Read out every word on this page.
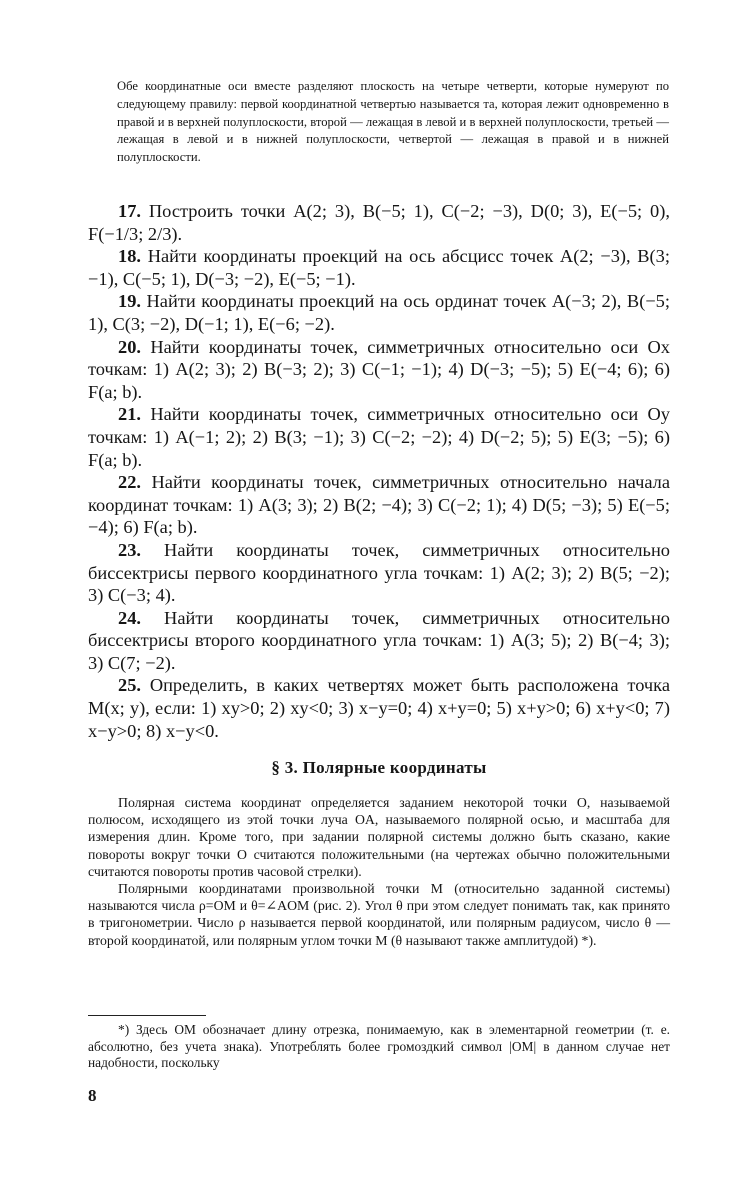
Обе координатные оси вместе разделяют плоскость на четыре четверти, которые нумеруют по следующему правилу: первой координатной четвертью называется та, которая лежит одновременно в правой и в верхней полуплоскости, второй — лежащая в левой и в верхней полуплоскости, третьей — лежащая в левой и в нижней полуплоскости, четвертой — лежащая в правой и в нижней полуплоскости.

17. Построить точки A(2; 3), B(−5; 1), C(−2; −3), D(0; 3), E(−5; 0), F(−1/3; 2/3).

18. Найти координаты проекций на ось абсцисс точек A(2; −3), B(3; −1), C(−5; 1), D(−3; −2), E(−5; −1).

19. Найти координаты проекций на ось ординат точек A(−3; 2), B(−5; 1), C(3; −2), D(−1; 1), E(−6; −2).

20. Найти координаты точек, симметричных относительно оси Ox точкам: 1) A(2; 3); 2) B(−3; 2); 3) C(−1; −1); 4) D(−3; −5); 5) E(−4; 6); 6) F(a; b).

21. Найти координаты точек, симметричных относительно оси Oy точкам: 1) A(−1; 2); 2) B(3; −1); 3) C(−2; −2); 4) D(−2; 5); 5) E(3; −5); 6) F(a; b).

22. Найти координаты точек, симметричных относительно начала координат точкам: 1) A(3; 3); 2) B(2; −4); 3) C(−2; 1); 4) D(5; −3); 5) E(−5; −4); 6) F(a; b).

23. Найти координаты точек, симметричных относительно биссектрисы первого координатного угла точкам: 1) A(2; 3); 2) B(5; −2); 3) C(−3; 4).

24. Найти координаты точек, симметричных относительно биссектрисы второго координатного угла точкам: 1) A(3; 5); 2) B(−4; 3); 3) C(7; −2).

25. Определить, в каких четвертях может быть расположена точка M(x; y), если: 1) xy>0; 2) xy<0; 3) x−y=0; 4) x+y=0; 5) x+y>0; 6) x+y<0; 7) x−y>0; 8) x−y<0.

§ 3. Полярные координаты

Полярная система координат определяется заданием некоторой точки O, называемой полюсом, исходящего из этой точки луча OA, называемого полярной осью, и масштаба для измерения длин. Кроме того, при задании полярной системы должно быть сказано, какие повороты вокруг точки O считаются положительными (на чертежах обычно положительными считаются повороты против часовой стрелки).

Полярными координатами произвольной точки M (относительно заданной системы) называются числа ρ=OM и θ=∠AOM (рис. 2). Угол θ при этом следует понимать так, как принято в тригонометрии. Число ρ называется первой координатой, или полярным радиусом, число θ — второй координатой, или полярным углом точки M (θ называют также амплитудой) *).

*) Здесь OM обозначает длину отрезка, понимаемую, как в элементарной геометрии (т. е. абсолютно, без учета знака). Употреблять более громоздкий символ |OM| в данном случае нет надобности, поскольку

8
